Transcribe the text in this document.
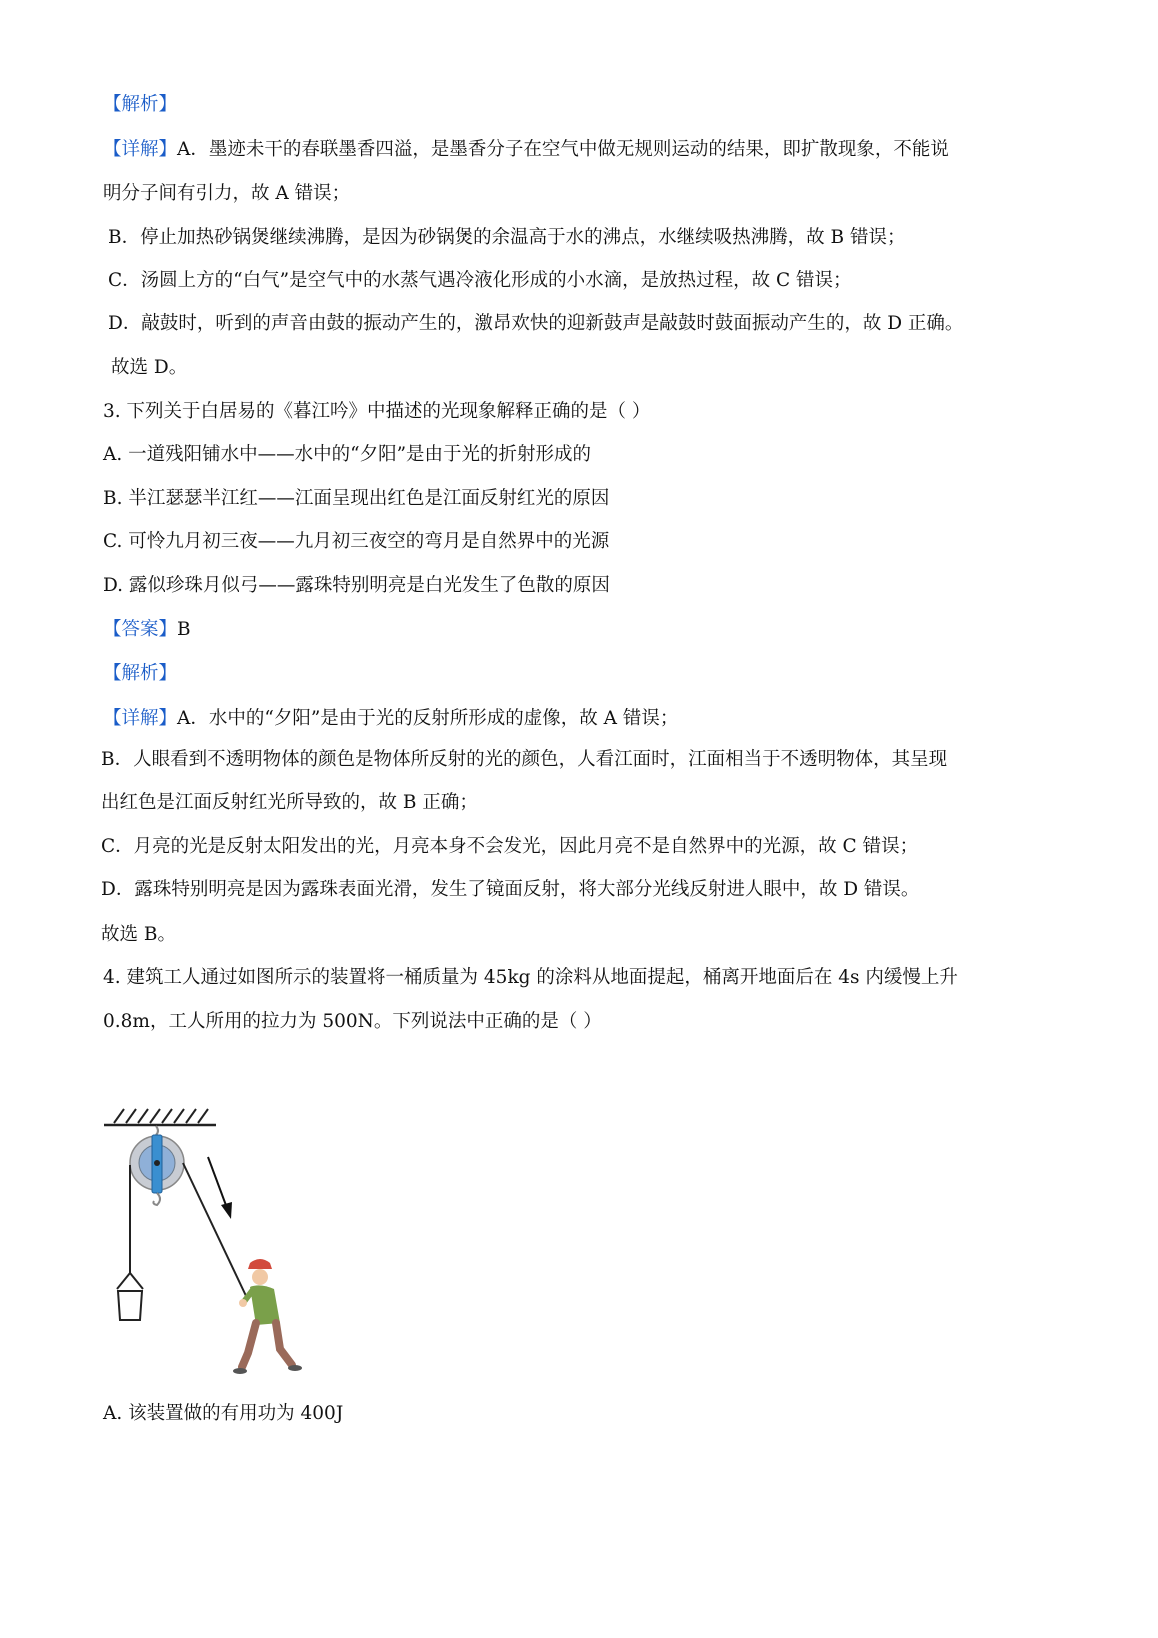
【解析】
【详解】A．墨迹未干的春联墨香四溢，是墨香分子在空气中做无规则运动的结果，即扩散现象，不能说
明分子间有引力，故 A 错误；
B．停止加热砂锅煲继续沸腾，是因为砂锅煲的余温高于水的沸点，水继续吸热沸腾，故 B 错误；
C．汤圆上方的“白气”是空气中的水蒸气遇冷液化形成的小水滴，是放热过程，故 C 错误；
D．敲鼓时，听到的声音由鼓的振动产生的，激昂欢快的迎新鼓声是敲鼓时鼓面振动产生的，故 D 正确。
故选 D。
3. 下列关于白居易的《暮江吟》中描述的光现象解释正确的是（ ）
A. 一道残阳铺水中——水中的“夕阳”是由于光的折射形成的
B. 半江瑟瑟半江红——江面呈现出红色是江面反射红光的原因
C. 可怜九月初三夜——九月初三夜空的弯月是自然界中的光源
D. 露似珍珠月似弓——露珠特别明亮是白光发生了色散的原因
【答案】B
【解析】
【详解】A．水中的“夕阳”是由于光的反射所形成的虚像，故 A 错误；
B．人眼看到不透明物体的颜色是物体所反射的光的颜色，人看江面时，江面相当于不透明物体，其呈现
出红色是江面反射红光所导致的，故 B 正确；
C．月亮的光是反射太阳发出的光，月亮本身不会发光，因此月亮不是自然界中的光源，故 C 错误；
D．露珠特别明亮是因为露珠表面光滑，发生了镜面反射，将大部分光线反射进人眼中，故 D 错误。
故选 B。
4. 建筑工人通过如图所示的装置将一桶质量为 45kg 的涂料从地面提起，桶离开地面后在 4s 内缓慢上升
0.8m，工人所用的拉力为 500N。下列说法中正确的是（ ）
A. 该装置做的有用功为 400J
